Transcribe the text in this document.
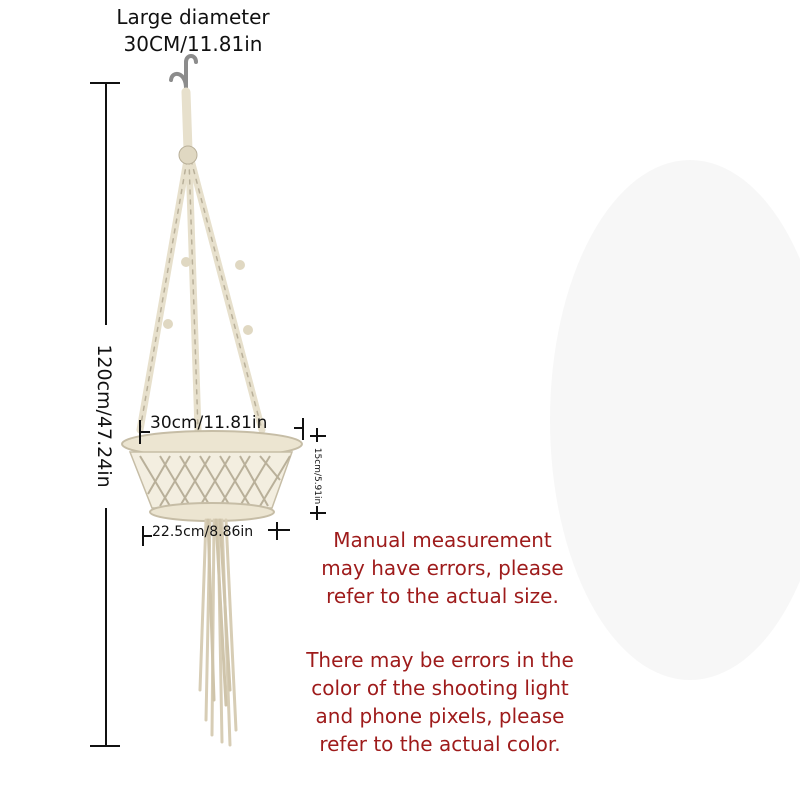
Large diameter
30CM/11.81in
120cm/47.24in 30cm/11.81in
15cm/5.91in
22.5cm/8.86in	Manual measurement
may have errors, please
refer to the actual size.
There may be errors in the
color of the shooting light
and phone pixels, please
refer to the actual color.
